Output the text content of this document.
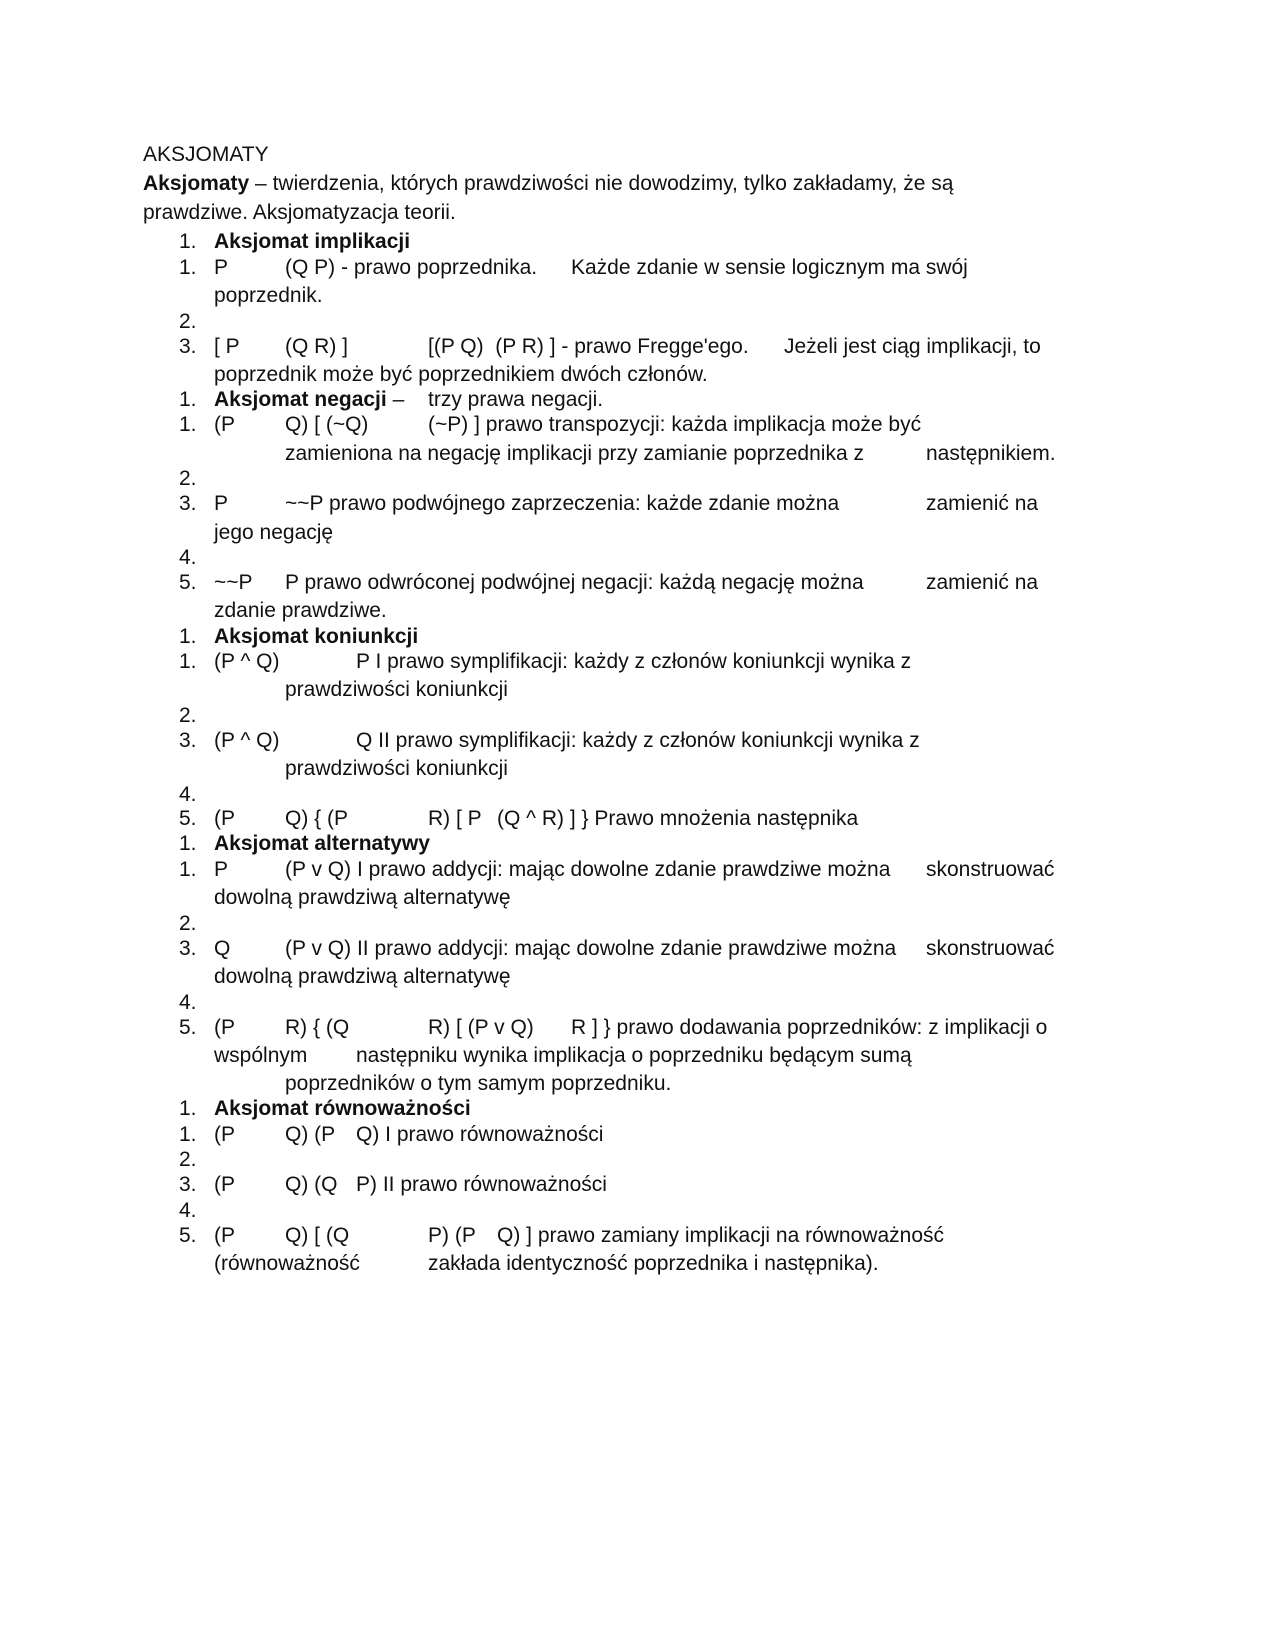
AKSJOMATY
Aksjomaty – twierdzenia, których prawdziwości nie dowodzimy, tylko zakładamy, że są
prawdziwe. Aksjomatyzacja teorii.

1.

Aksjomat implikacji

1.

P

	(Q P) - prawo poprzednika.

Każde zdanie w sensie logicznym ma swój

poprzednik.
2.

3.

[ P

(Q R) ]

	[(P Q)  (P R) ] - prawo Fregge'ego.

Jeżeli jest ciąg implikacji, to

poprzednik może być poprzednikiem dwóch członów.

1.

Aksjomat negacji –

trzy prawa negacji.

1.

(P

Q) [ (~Q)

	(~P) ] prawo transpozycji: każda implikacja może być

zamieniona na negację implikacji przy zamianie poprzednika z

	następnikiem.

2.

3.

P

	~~P prawo podwójnego zaprzeczenia: każde zdanie można

	zamienić na

jego negację
4.

5.

~~P

P prawo odwróconej podwójnej negacji: każdą negację można

	zamienić na

zdanie prawdziwe.

1.

Aksjomat koniunkcji

1.

(P ^ Q)

	P I prawo symplifikacji: każdy z członów koniunkcji wynika z

prawdziwości koniunkcji
2.

3.

(P ^ Q)

	Q II prawo symplifikacji: każdy z członów koniunkcji wynika z

prawdziwości koniunkcji
4.

5.

(P

Q) { (P

	R) [ P

(Q ^ R) ] } Prawo mnożenia następnika

1.

Aksjomat alternatywy

1.

P

	(P v Q) I prawo addycji: mając dowolne zdanie prawdziwe można

skonstruować

dowolną prawdziwą alternatywę
2.

3.

Q

	(P v Q) II prawo addycji: mając dowolne zdanie prawdziwe można

skonstruować

dowolną prawdziwą alternatywę
4.

5.

(P

R) { (Q

	R) [ (P v Q)

R ] } prawo dodawania poprzedników: z implikacji o

wspólnym

następniku wynika implikacja o poprzedniku będącym sumą

poprzedników o tym samym poprzedniku.

1.

Aksjomat równoważności

1.

(P

Q) (P

Q) I prawo równoważności

2.

3.

(P

Q) (Q

P) II prawo równoważności

4.

5.

(P

Q) [ (Q

	P) (P

Q) ] prawo zamiany implikacji na równoważność

(równoważność

	zakłada identyczność poprzednika i następnika).
